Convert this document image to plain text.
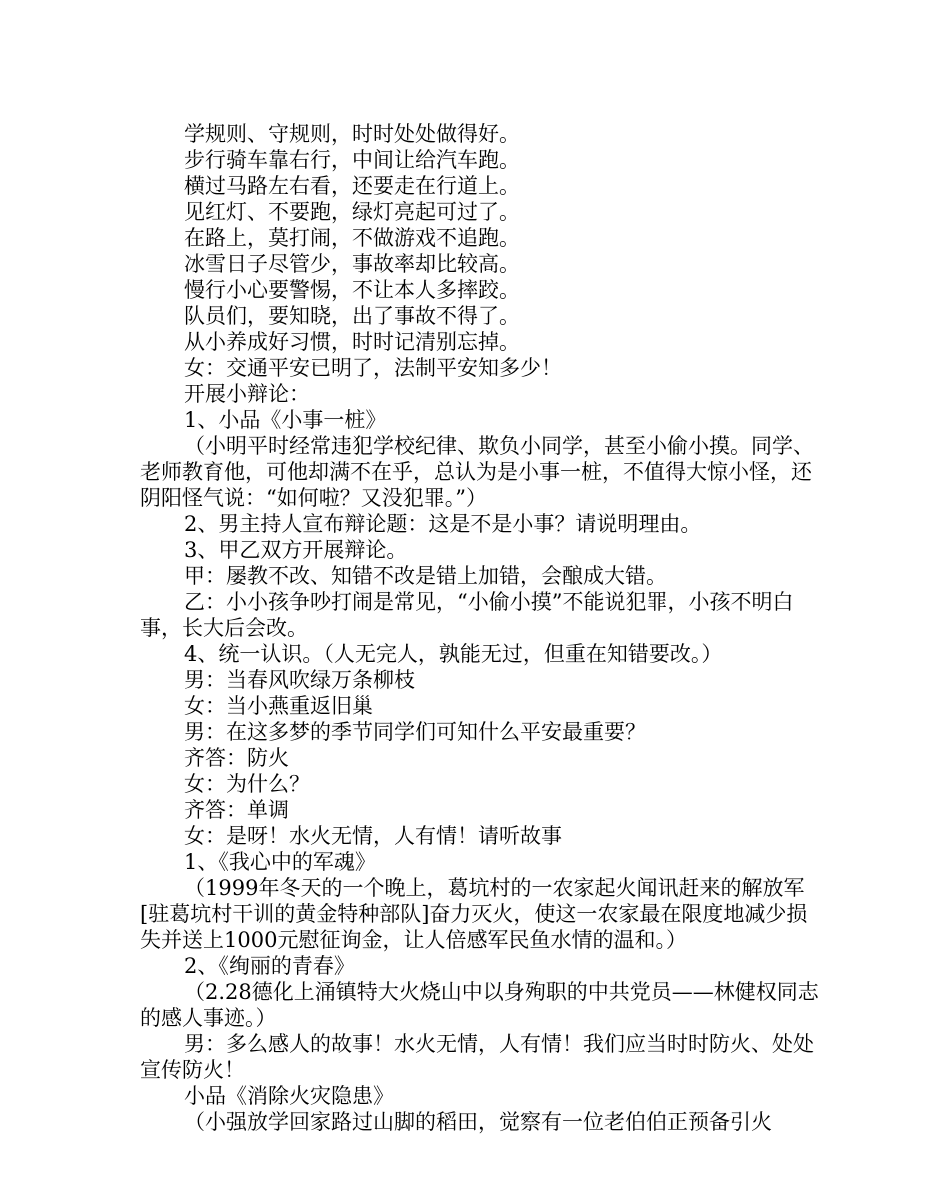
学规则、守规则，时时处处做得好。

步行骑车靠右行，中间让给汽车跑。

横过马路左右看，还要走在行道上。

见红灯、不要跑，绿灯亮起可过了。

在路上，莫打闹，不做游戏不追跑。

冰雪日子尽管少，事故率却比较高。

慢行小心要警惕，不让本人多摔跤。

队员们，要知晓，出了事故不得了。

从小养成好习惯，时时记清别忘掉。

女：交通平安已明了，法制平安知多少！

开展小辩论：

1、小品《小事一桩》

（小明平时经常违犯学校纪律、欺负小同学，甚至小偷小摸。同学、老师教育他，可他却满不在乎，总认为是小事一桩，不值得大惊小怪，还阴阳怪气说：“如何啦？又没犯罪。”）

2、男主持人宣布辩论题：这是不是小事？请说明理由。

3、甲乙双方开展辩论。

甲：屡教不改、知错不改是错上加错，会酿成大错。

乙：小小孩争吵打闹是常见，“小偷小摸”不能说犯罪，小孩不明白事，长大后会改。

4、统一认识。（人无完人，孰能无过，但重在知错要改。）

男：当春风吹绿万条柳枝

女：当小燕重返旧巢

男：在这多梦的季节同学们可知什么平安最重要？

齐答：防火

女：为什么？

齐答：单调

女：是呀！水火无情，人有情！请听故事

1、《我心中的军魂》

（1999年冬天的一个晚上，葛坑村的一农家起火闻讯赶来的解放军[驻葛坑村干训的黄金特种部队]奋力灭火，使这一农家最在限度地减少损失并送上1000元慰征询金，让人倍感军民鱼水情的温和。）

2、《绚丽的青春》

（2.28德化上涌镇特大火烧山中以身殉职的中共党员——林健权同志的感人事迹。）

男：多么感人的故事！水火无情，人有情！我们应当时时防火、处处宣传防火！

小品《消除火灾隐患》

（小强放学回家路过山脚的稻田，觉察有一位老伯伯正预备引火
